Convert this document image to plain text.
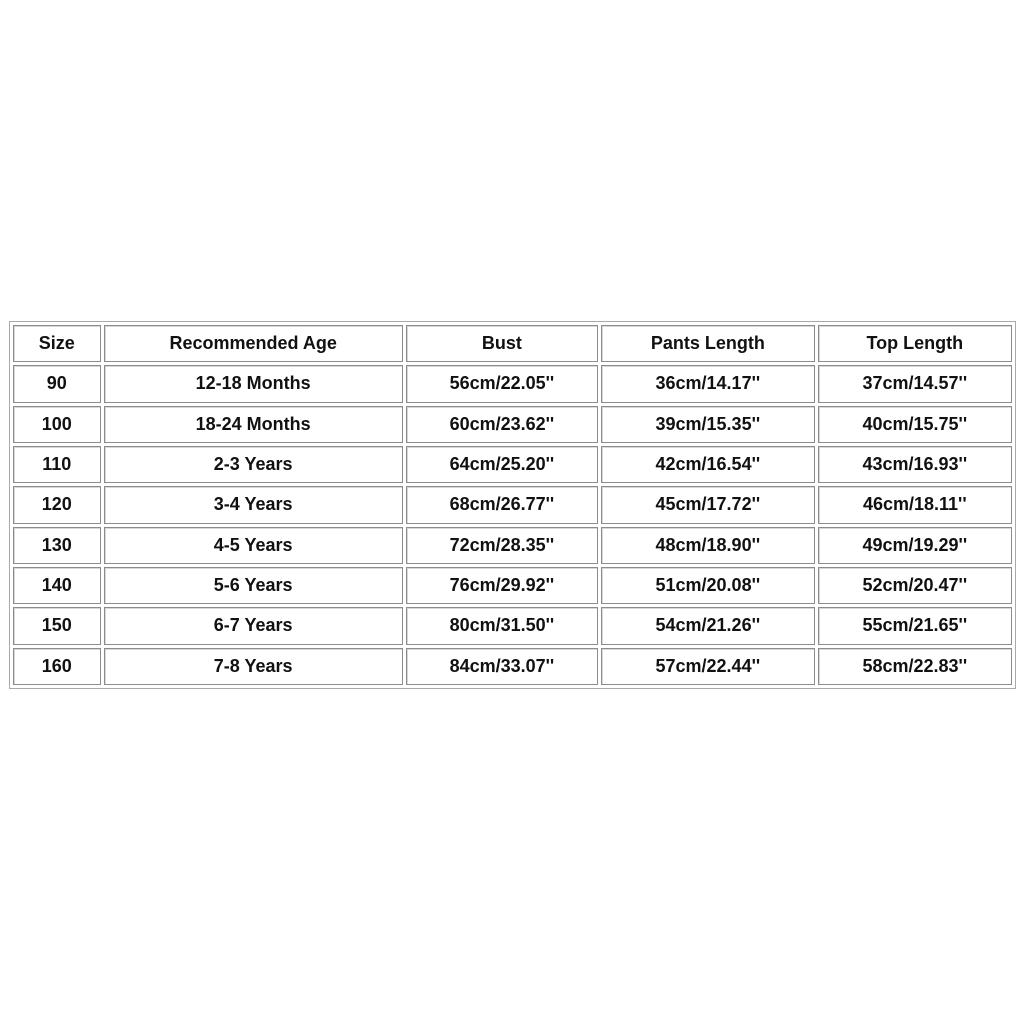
Size	Recommended Age	Bust	Pants Length	Top Length
90	12-18 Months	56cm/22.05''	36cm/14.17''	37cm/14.57''
100	18-24 Months	60cm/23.62''	39cm/15.35''	40cm/15.75''
110	2-3 Years	64cm/25.20''	42cm/16.54''	43cm/16.93''
120	3-4 Years	68cm/26.77''	45cm/17.72''	46cm/18.11''
130	4-5 Years	72cm/28.35''	48cm/18.90''	49cm/19.29''
140	5-6 Years	76cm/29.92''	51cm/20.08''	52cm/20.47''
150	6-7 Years	80cm/31.50''	54cm/21.26''	55cm/21.65''
160	7-8 Years	84cm/33.07''	57cm/22.44''	58cm/22.83''
